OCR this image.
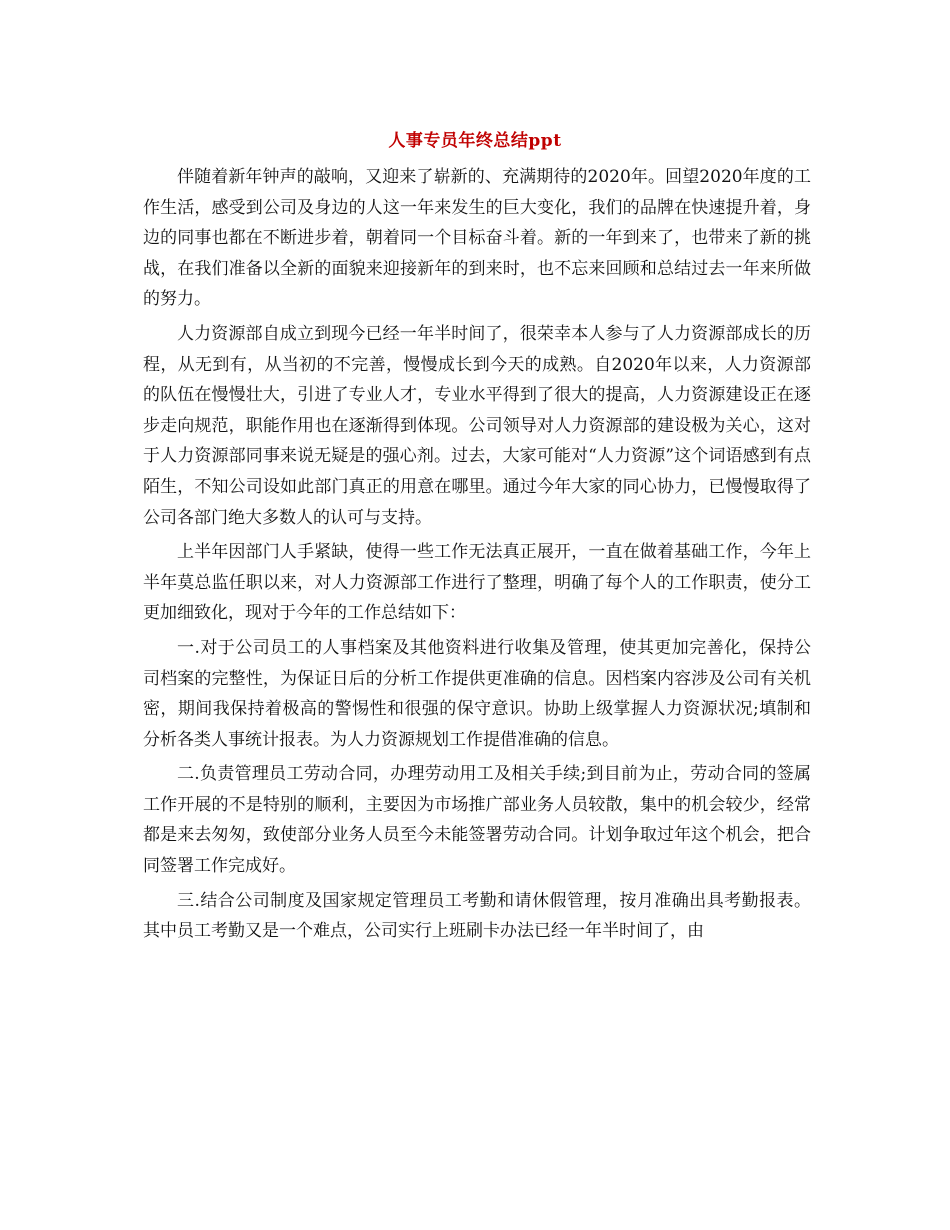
人事专员年终总结ppt

伴随着新年钟声的敲响，又迎来了崭新的、充满期待的2020年。回望2020年度的工作生活，感受到公司及身边的人这一年来发生的巨大变化，我们的品牌在快速提升着，身边的同事也都在不断进步着，朝着同一个目标奋斗着。新的一年到来了，也带来了新的挑战，在我们准备以全新的面貌来迎接新年的到来时，也不忘来回顾和总结过去一年来所做的努力。

人力资源部自成立到现今已经一年半时间了，很荣幸本人参与了人力资源部成长的历程，从无到有，从当初的不完善，慢慢成长到今天的成熟。自2020年以来，人力资源部的队伍在慢慢壮大，引进了专业人才，专业水平得到了很大的提高，人力资源建设正在逐步走向规范，职能作用也在逐渐得到体现。公司领导对人力资源部的建设极为关心，这对于人力资源部同事来说无疑是的强心剂。过去，大家可能对“人力资源”这个词语感到有点陌生，不知公司设如此部门真正的用意在哪里。通过今年大家的同心协力，已慢慢取得了公司各部门绝大多数人的认可与支持。

上半年因部门人手紧缺，使得一些工作无法真正展开，一直在做着基础工作，今年上半年莫总监任职以来，对人力资源部工作进行了整理，明确了每个人的工作职责，使分工更加细致化，现对于今年的工作总结如下：

一.对于公司员工的人事档案及其他资料进行收集及管理，使其更加完善化，保持公司档案的完整性，为保证日后的分析工作提供更准确的信息。因档案内容涉及公司有关机密，期间我保持着极高的警惕性和很强的保守意识。协助上级掌握人力资源状况;填制和分析各类人事统计报表。为人力资源规划工作提借准确的信息。

二.负责管理员工劳动合同，办理劳动用工及相关手续;到目前为止，劳动合同的签属工作开展的不是特别的顺利，主要因为市场推广部业务人员较散，集中的机会较少，经常都是来去匆匆，致使部分业务人员至今未能签署劳动合同。计划争取过年这个机会，把合同签署工作完成好。

三.结合公司制度及国家规定管理员工考勤和请休假管理，按月准确出具考勤报表。其中员工考勤又是一个难点，公司实行上班刷卡办法已经一年半时间了，由
